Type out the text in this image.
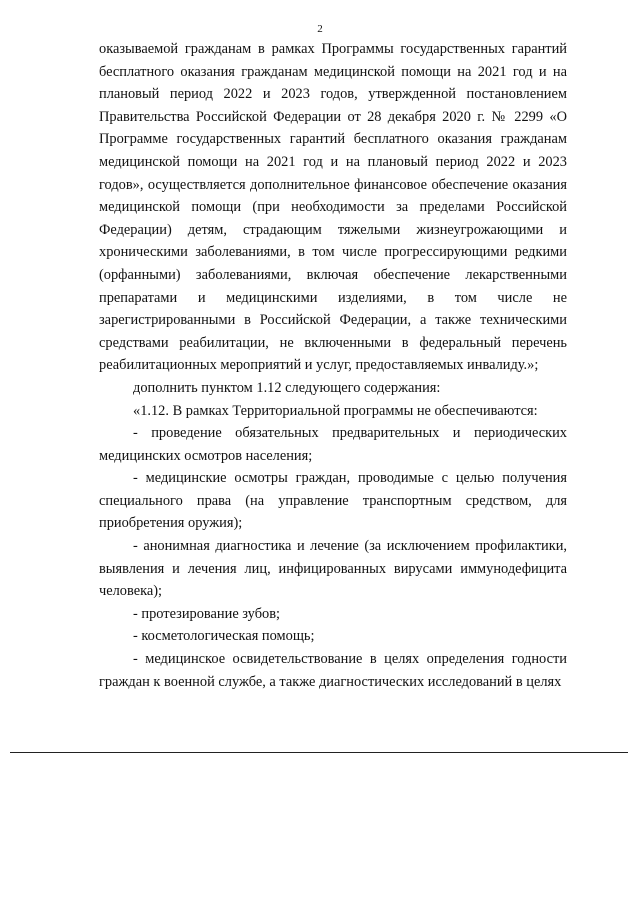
2

оказываемой гражданам в рамках Программы государственных гарантий бесплатного оказания гражданам медицинской помощи на 2021 год и на плановый период 2022 и 2023 годов, утвержденной постановлением Правительства Российской Федерации от 28 декабря 2020 г. № 2299 «О Программе государственных гарантий бесплатного оказания гражданам медицинской помощи на 2021 год и на плановый период 2022 и 2023 годов», осуществляется дополнительное финансовое обеспечение оказания медицинской помощи (при необходимости за пределами Российской Федерации) детям, страдающим тяжелыми жизнеугрожающими и хроническими заболеваниями, в том числе прогрессирующими редкими (орфанными) заболеваниями, включая обеспечение лекарственными препаратами и медицинскими изделиями, в том числе не зарегистрированными в Российской Федерации, а также техническими средствами реабилитации, не включенными в федеральный перечень реабилитационных мероприятий и услуг, предоставляемых инвалиду.»;

дополнить пунктом 1.12 следующего содержания:

«1.12. В рамках Территориальной программы не обеспечиваются:

- проведение обязательных предварительных и периодических медицинских осмотров населения;

- медицинские осмотры граждан, проводимые с целью получения специального права (на управление транспортным средством, для приобретения оружия);

- анонимная диагностика и лечение (за исключением профилактики, выявления и лечения лиц, инфицированных вирусами иммунодефицита человека);

- протезирование зубов;

- косметологическая помощь;

- медицинское освидетельствование в целях определения годности граждан к военной службе, а также диагностических исследований в целях
